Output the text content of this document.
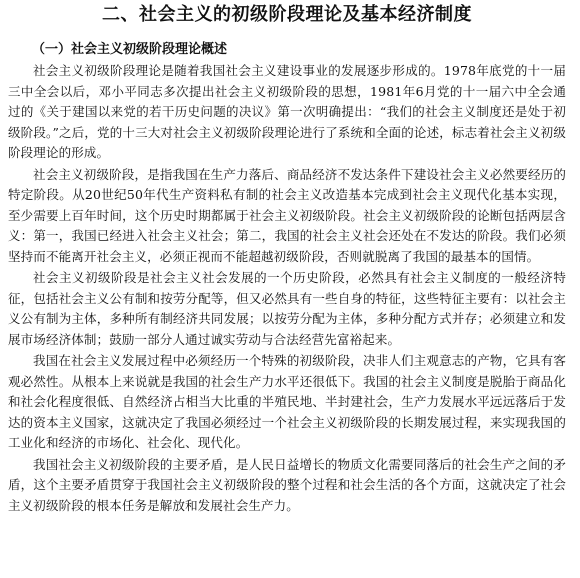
二、社会主义的初级阶段理论及基本经济制度
（一）社会主义初级阶段理论概述

社会主义初级阶段理论是随着我国社会主义建设事业的发展逐步形成的。1978年底党的十一届三中全会以后，邓小平同志多次提出社会主义初级阶段的思想，1981年6月党的十一届六中全会通过的《关于建国以来党的若干历史问题的决议》第一次明确提出：“我们的社会主义制度还是处于初级阶段。”之后，党的十三大对社会主义初级阶段理论进行了系统和全面的论述，标志着社会主义初级阶段理论的形成。

社会主义初级阶段，是指我国在生产力落后、商品经济不发达条件下建设社会主义必然要经历的特定阶段。从20世纪50年代生产资料私有制的社会主义改造基本完成到社会主义现代化基本实现，至少需要上百年时间，这个历史时期都属于社会主义初级阶段。社会主义初级阶段的论断包括两层含义：第一，我国已经进入社会主义社会；第二，我国的社会主义社会还处在不发达的阶段。我们必须坚持而不能离开社会主义，必须正视而不能超越初级阶段，否则就脱离了我国的最基本的国情。

社会主义初级阶段是社会主义社会发展的一个历史阶段，必然具有社会主义制度的一般经济特征，包括社会主义公有制和按劳分配等，但又必然具有一些自身的特征，这些特征主要有：以社会主义公有制为主体，多种所有制经济共同发展；以按劳分配为主体，多种分配方式并存；必须建立和发展市场经济体制；鼓励一部分人通过诚实劳动与合法经营先富裕起来。

我国在社会主义发展过程中必须经历一个特殊的初级阶段，决非人们主观意志的产物，它具有客观必然性。从根本上来说就是我国的社会生产力水平还很低下。我国的社会主义制度是脱胎于商品化和社会化程度很低、自然经济占相当大比重的半殖民地、半封建社会，生产力发展水平远远落后于发达的资本主义国家，这就决定了我国必须经过一个社会主义初级阶段的长期发展过程，来实现我国的工业化和经济的市场化、社会化、现代化。

我国社会主义初级阶段的主要矛盾，是人民日益增长的物质文化需要同落后的社会生产之间的矛盾，这个主要矛盾贯穿于我国社会主义初级阶段的整个过程和社会生活的各个方面，这就决定了社会主义初级阶段的根本任务是解放和发展社会生产力。
